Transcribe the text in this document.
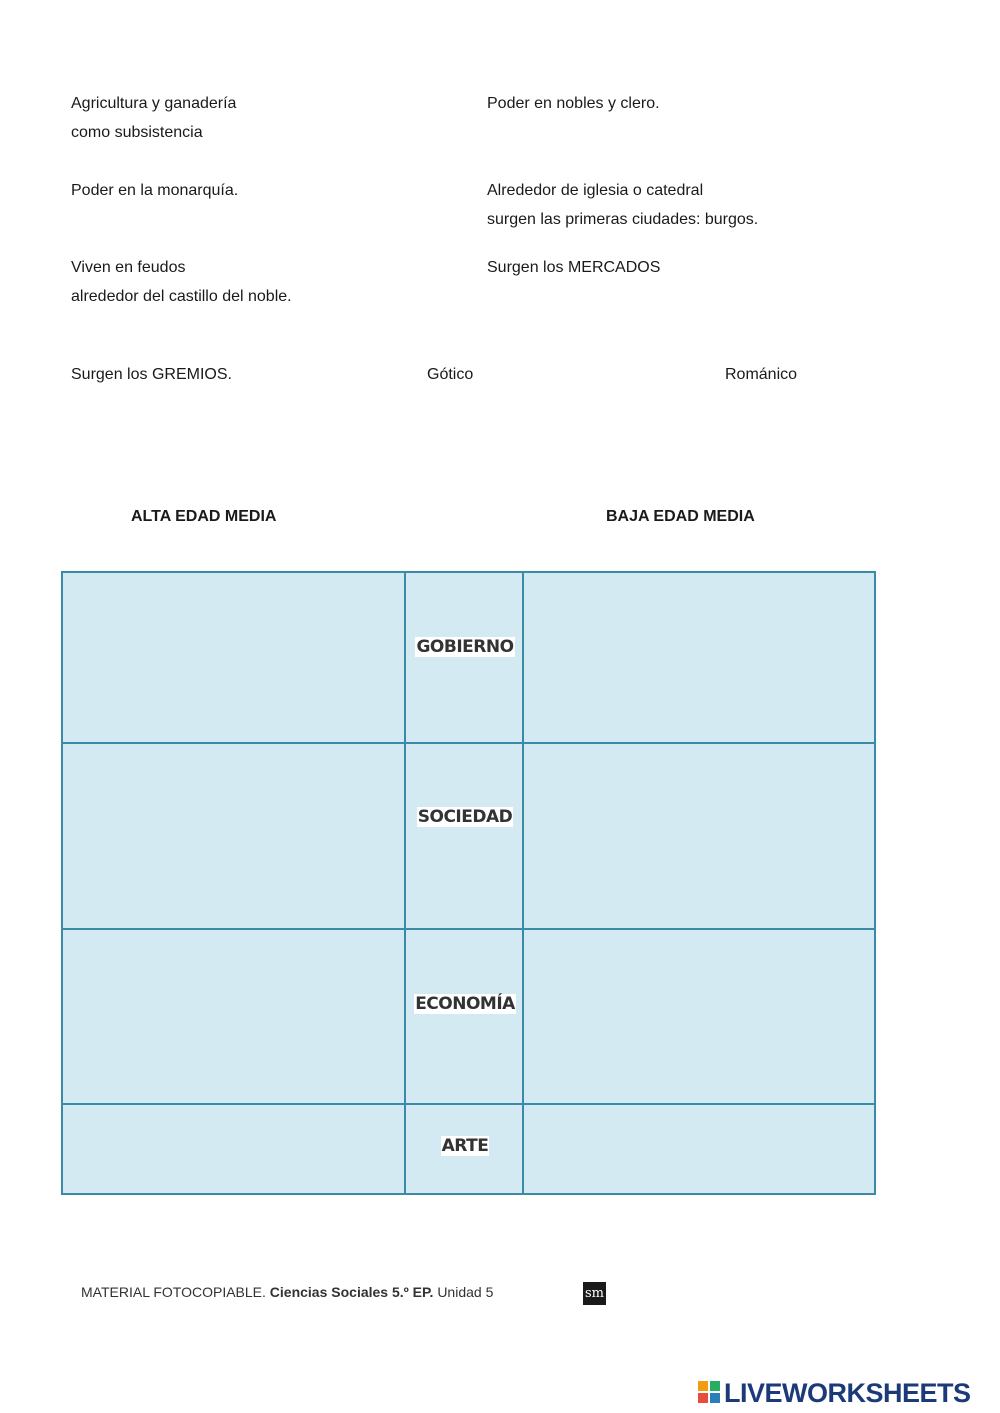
Agricultura y ganadería
como subsistencia
Poder en nobles y clero.
Poder en la monarquía.	Alrededor de iglesia o catedral
surgen las primeras ciudades: burgos.
Viven en feudos
alrededor del castillo del noble.
Surgen los MERCADOS
Surgen los GREMIOS.	Gótico	Románico
ALTA EDAD MEDIA	BAJA EDAD MEDIA
GOBIERNO
SOCIEDAD
ECONOMÍA
ARTE
MATERIAL FOTOCOPIABLE. Ciencias Sociales 5.º EP. Unidad 5	sm
LIVEWORKSHEETS
